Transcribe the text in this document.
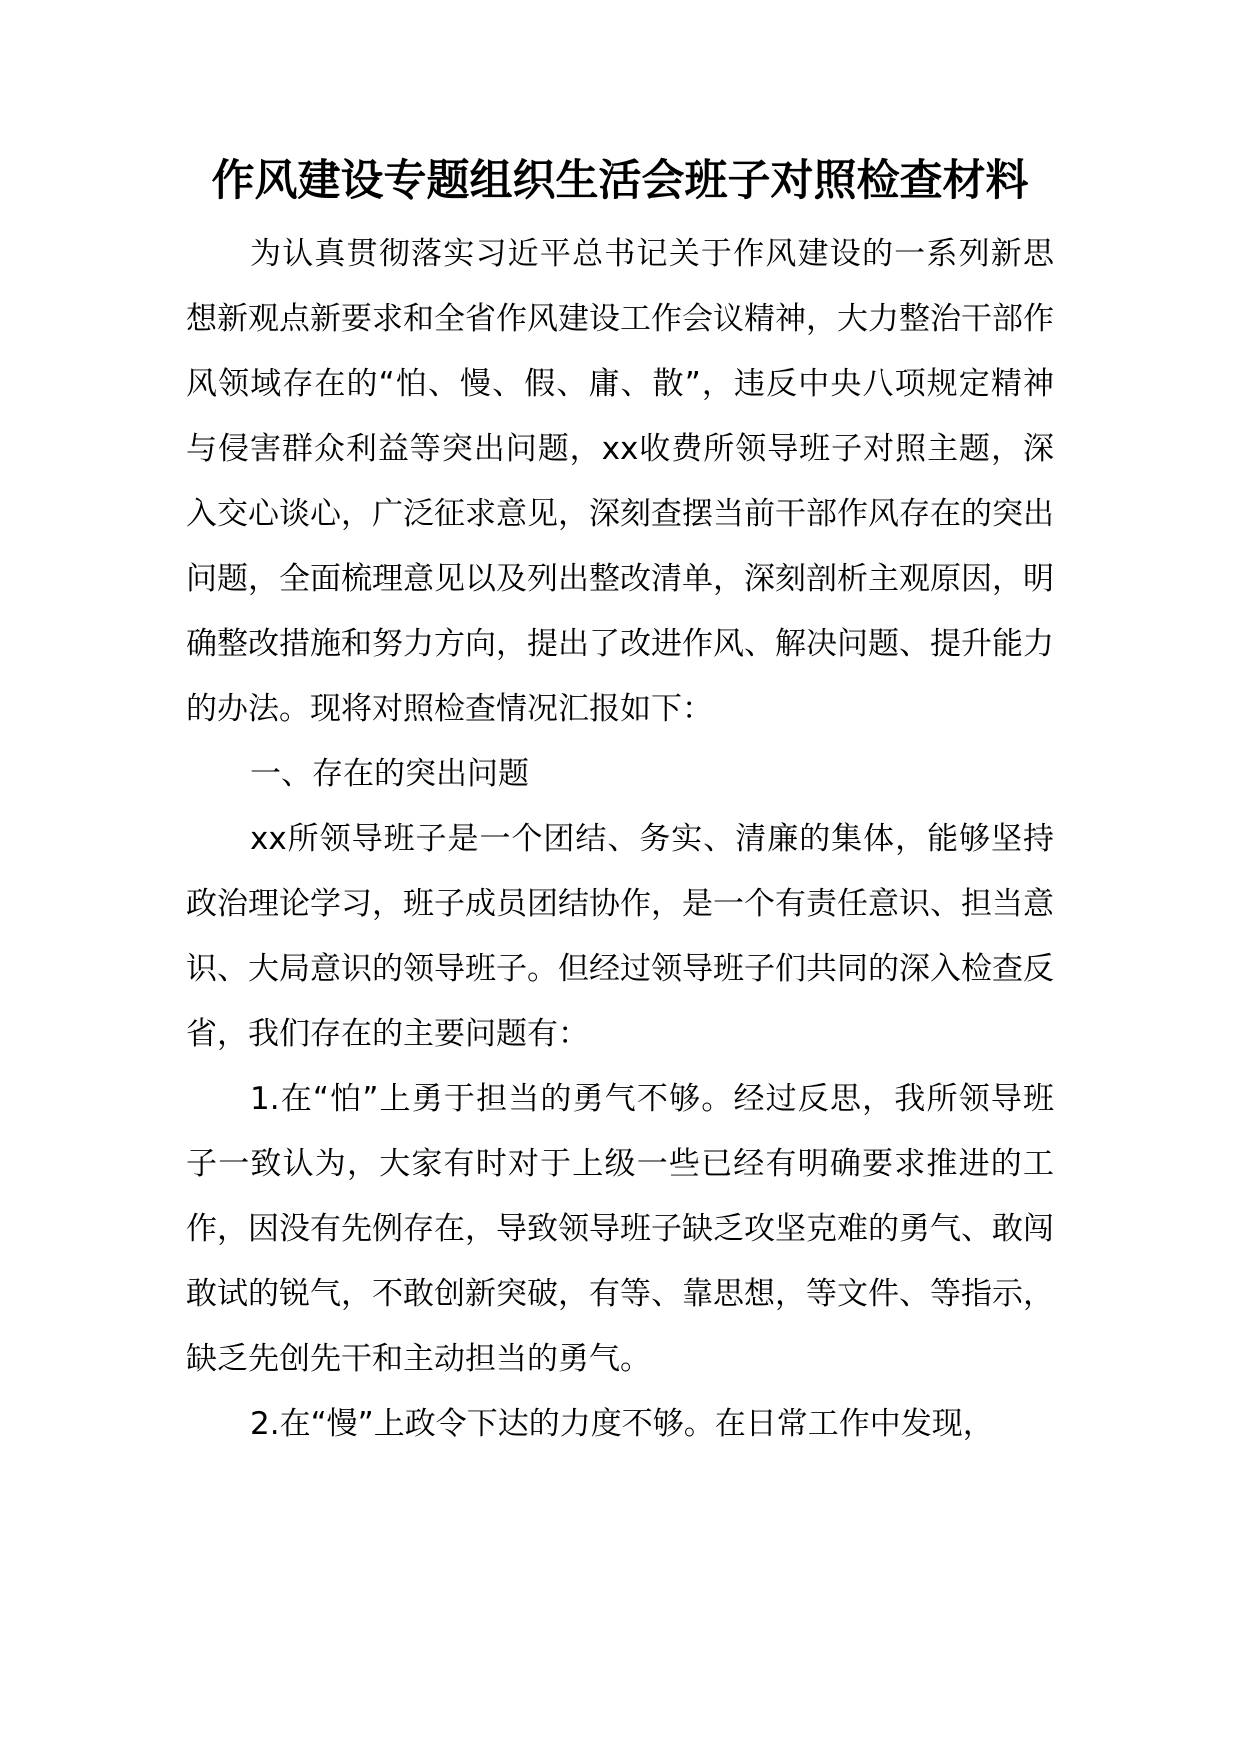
作风建设专题组织生活会班子对照检查材料

为认真贯彻落实习近平总书记关于作风建设的一系列新思想新观点新要求和全省作风建设工作会议精神，大力整治干部作风领域存在的“怕、慢、假、庸、散”，违反中央八项规定精神与侵害群众利益等突出问题，xx收费所领导班子对照主题，深入交心谈心，广泛征求意见，深刻查摆当前干部作风存在的突出问题，全面梳理意见以及列出整改清单，深刻剖析主观原因，明确整改措施和努力方向，提出了改进作风、解决问题、提升能力的办法。现将对照检查情况汇报如下：

一、存在的突出问题

xx所领导班子是一个团结、务实、清廉的集体，能够坚持政治理论学习，班子成员团结协作，是一个有责任意识、担当意识、大局意识的领导班子。但经过领导班子们共同的深入检查反省，我们存在的主要问题有：

1.在“怕”上勇于担当的勇气不够。经过反思，我所领导班子一致认为，大家有时对于上级一些已经有明确要求推进的工作，因没有先例存在，导致领导班子缺乏攻坚克难的勇气、敢闯敢试的锐气，不敢创新突破，有等、靠思想，等文件、等指示，缺乏先创先干和主动担当的勇气。

2.在“慢”上政令下达的力度不够。在日常工作中发现，
